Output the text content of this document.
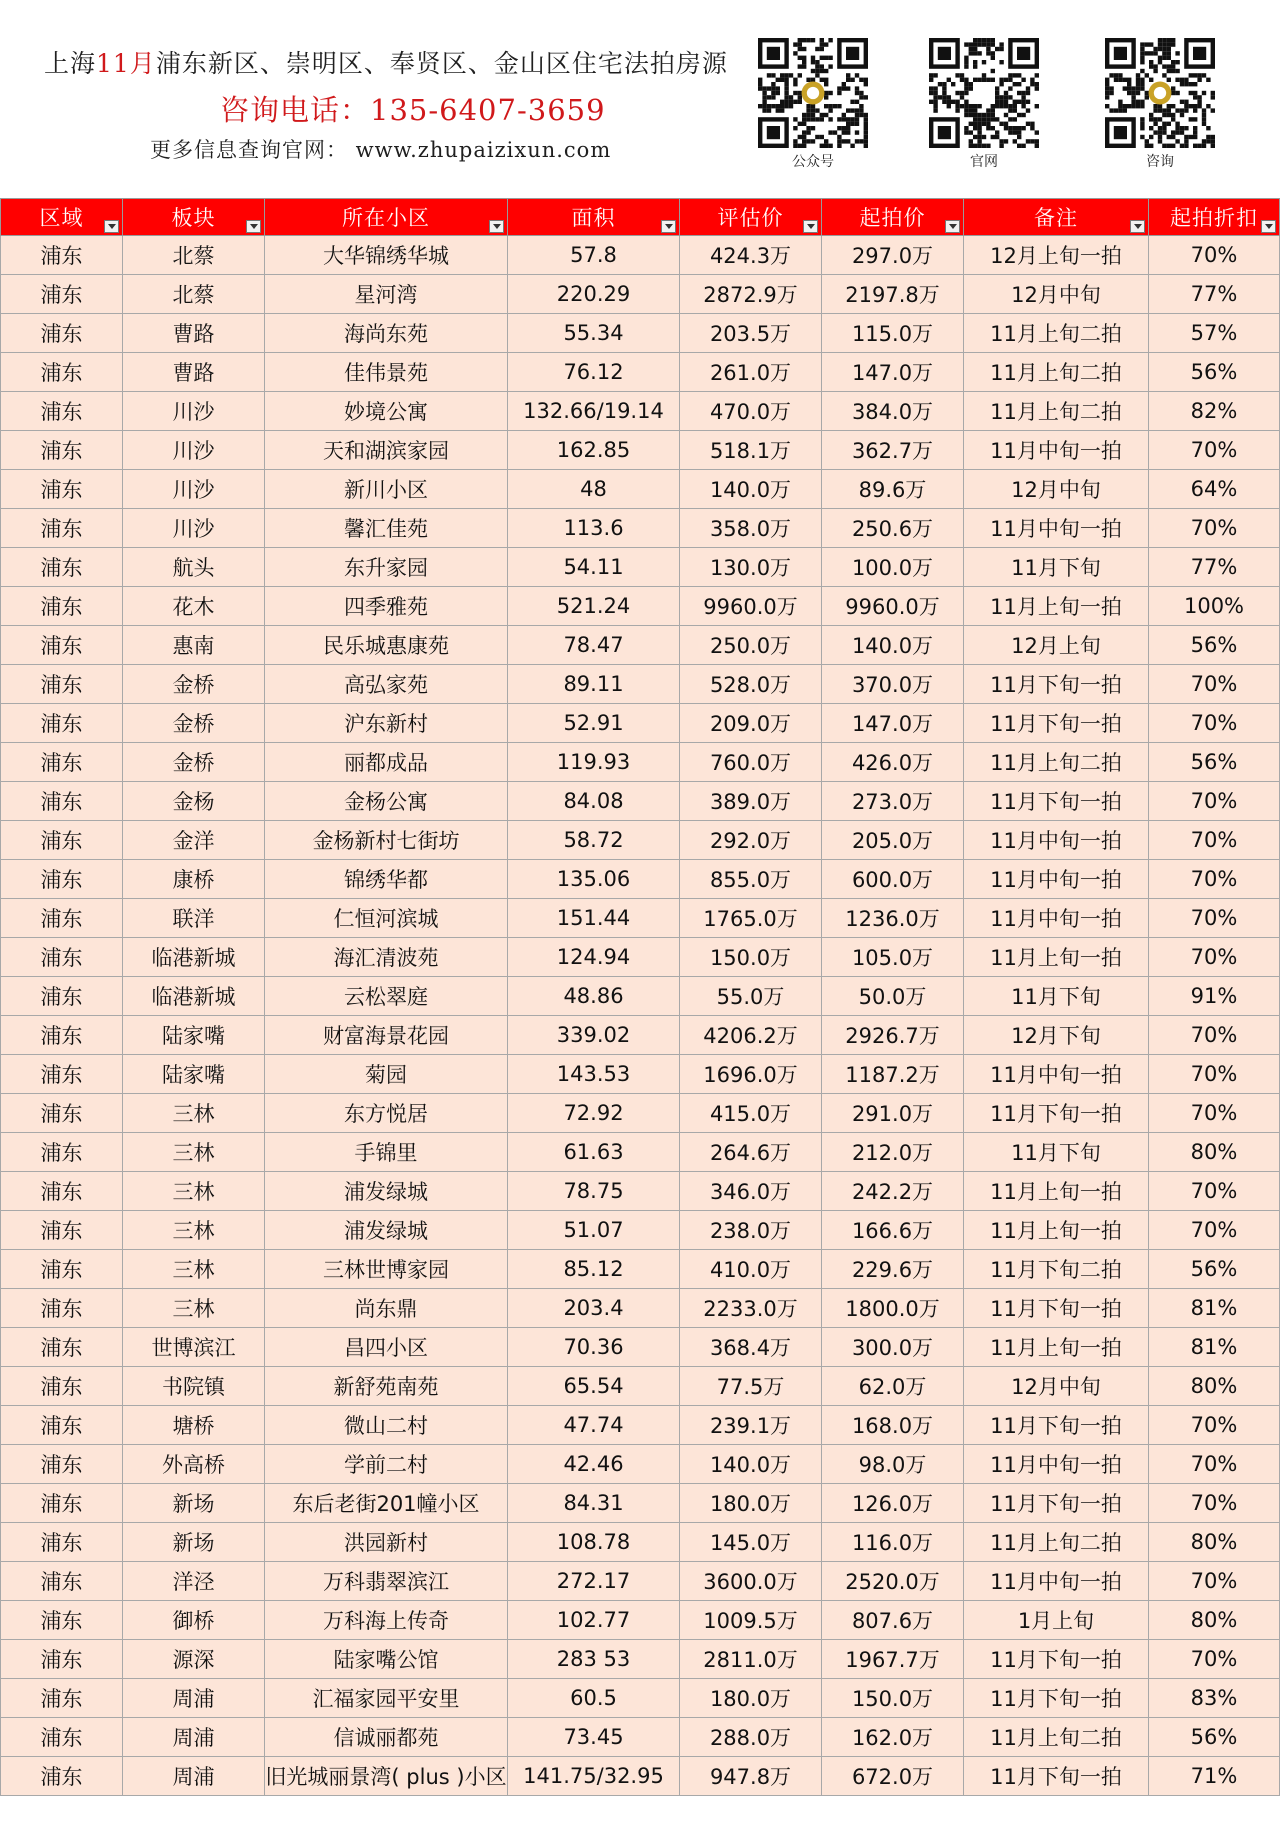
上海11月浦东新区、崇明区、奉贤区、金山区住宅法拍房源
咨询电话：135-6407-3659
更多信息查询官网： www.zhupaizixun.com	公众号	官网	咨询
区域	板块	所在小区	面积	评估价	起拍价	备注	起拍折扣

浦东	北蔡	大华锦绣华城	57.8	424.3万	297.0万	12月上旬一拍	70%
浦东	北蔡	星河湾	220.29	2872.9万	2197.8万	12月中旬	77%
浦东	曹路	海尚东苑	55.34	203.5万	115.0万	11月上旬二拍	57%
浦东	曹路	佳伟景苑	76.12	261.0万	147.0万	11月上旬二拍	56%
浦东	川沙	妙境公寓	132.66/19.14	470.0万	384.0万	11月上旬二拍	82%
浦东	川沙	天和湖滨家园	162.85	518.1万	362.7万	11月中旬一拍	70%
浦东	川沙	新川小区	48	140.0万	89.6万	12月中旬	64%
浦东	川沙	馨汇佳苑	113.6	358.0万	250.6万	11月中旬一拍	70%
浦东	航头	东升家园	54.11	130.0万	100.0万	11月下旬	77%
浦东	花木	四季雅苑	521.24	9960.0万	9960.0万	11月上旬一拍	100%
浦东	惠南	民乐城惠康苑	78.47	250.0万	140.0万	12月上旬	56%
浦东	金桥	高弘家苑	89.11	528.0万	370.0万	11月下旬一拍	70%
浦东	金桥	沪东新村	52.91	209.0万	147.0万	11月下旬一拍	70%
浦东	金桥	丽都成品	119.93	760.0万	426.0万	11月上旬二拍	56%
浦东	金杨	金杨公寓	84.08	389.0万	273.0万	11月下旬一拍	70%
浦东	金洋	金杨新村七街坊	58.72	292.0万	205.0万	11月中旬一拍	70%
浦东	康桥	锦绣华都	135.06	855.0万	600.0万	11月中旬一拍	70%
浦东	联洋	仁恒河滨城	151.44	1765.0万	1236.0万	11月中旬一拍	70%
浦东	临港新城	海汇清波苑	124.94	150.0万	105.0万	11月上旬一拍	70%
浦东	临港新城	云松翠庭	48.86	55.0万	50.0万	11月下旬	91%
浦东	陆家嘴	财富海景花园	339.02	4206.2万	2926.7万	12月下旬	70%
浦东	陆家嘴	菊园	143.53	1696.0万	1187.2万	11月中旬一拍	70%
浦东	三林	东方悦居	72.92	415.0万	291.0万	11月下旬一拍	70%
浦东	三林	手锦里	61.63	264.6万	212.0万	11月下旬	80%
浦东	三林	浦发绿城	78.75	346.0万	242.2万	11月上旬一拍	70%
浦东	三林	浦发绿城	51.07	238.0万	166.6万	11月上旬一拍	70%
浦东	三林	三林世博家园	85.12	410.0万	229.6万	11月下旬二拍	56%
浦东	三林	尚东鼎	203.4	2233.0万	1800.0万	11月下旬一拍	81%
浦东	世博滨江	昌四小区	70.36	368.4万	300.0万	11月上旬一拍	81%
浦东	书院镇	新舒苑南苑	65.54	77.5万	62.0万	12月中旬	80%
浦东	塘桥	微山二村	47.74	239.1万	168.0万	11月下旬一拍	70%
浦东	外高桥	学前二村	42.46	140.0万	98.0万	11月中旬一拍	70%
浦东	新场	东后老街201幢小区	84.31	180.0万	126.0万	11月下旬一拍	70%
浦东	新场	洪园新村	108.78	145.0万	116.0万	11月上旬二拍	80%
浦东	洋泾	万科翡翠滨江	272.17	3600.0万	2520.0万	11月中旬一拍	70%
浦东	御桥	万科海上传奇	102.77	1009.5万	807.6万	1月上旬	80%
浦东	源深	陆家嘴公馆	283 53	2811.0万	1967.7万	11月下旬一拍	70%
浦东	周浦	汇福家园平安里	60.5	180.0万	150.0万	11月下旬一拍	83%
浦东	周浦	信诚丽都苑	73.45	288.0万	162.0万	11月上旬二拍	56%
浦东	周浦	旧光城丽景湾( plus )小区	141.75/32.95	947.8万	672.0万	11月下旬一拍	71%
